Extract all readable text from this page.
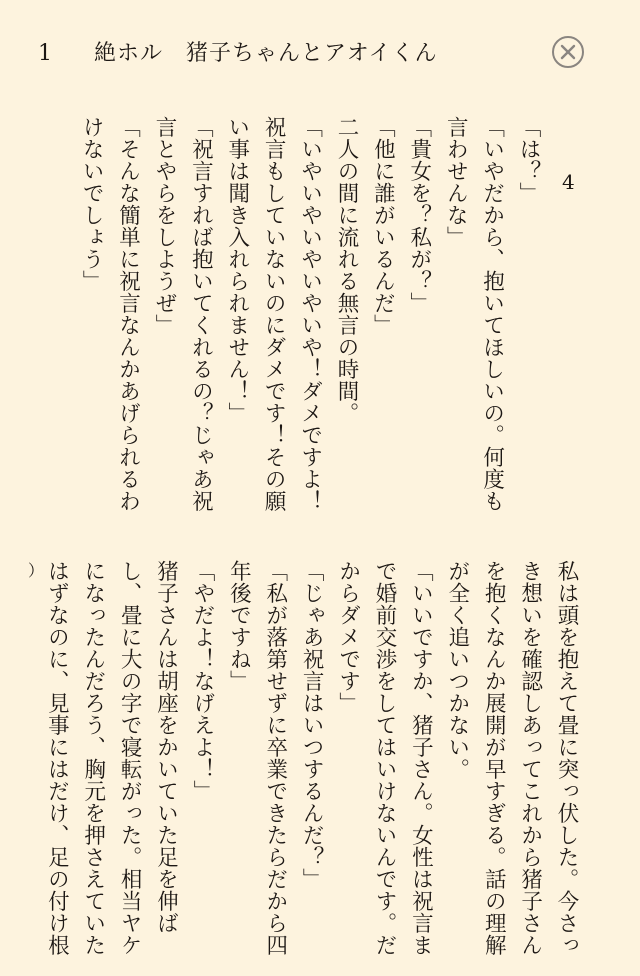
1 絶ホル　猪子ちゃんとアオイくん
4

「は？」

「いやだから、抱いてほしいの。何度も

言わせんな」

「貴女を？私が？」

「他に誰がいるんだ」

二人の間に流れる無言の時間。

「いやいやいやいやいや！ダメですよ！

祝言もしていないのにダメです！その願

い事は聞き入れられません！」

「祝言すれば抱いてくれるの？じゃあ祝

言とやらをしようぜ」

「そんな簡単に祝言なんかあげられるわ

けないでしょう」

私は頭を抱えて畳に突っ伏した。今さっ

き想いを確認しあってこれから猪子さん

を抱くなんか展開が早すぎる。話の理解

が全く追いつかない。

「いいですか、猪子さん。女性は祝言ま

で婚前交渉をしてはいけないんです。だ

からダメです」

「じゃあ祝言はいつするんだ？」

「私が落第せずに卒業できたらだから四

年後ですね」

「やだよ！なげえよ！」

猪子さんは胡座をかいていた足を伸ば

し、畳に大の字で寝転がった。相当ヤケ

になったんだろう、胸元を押さえていた

はずなのに、見事にはだけ、足の付け根

）
